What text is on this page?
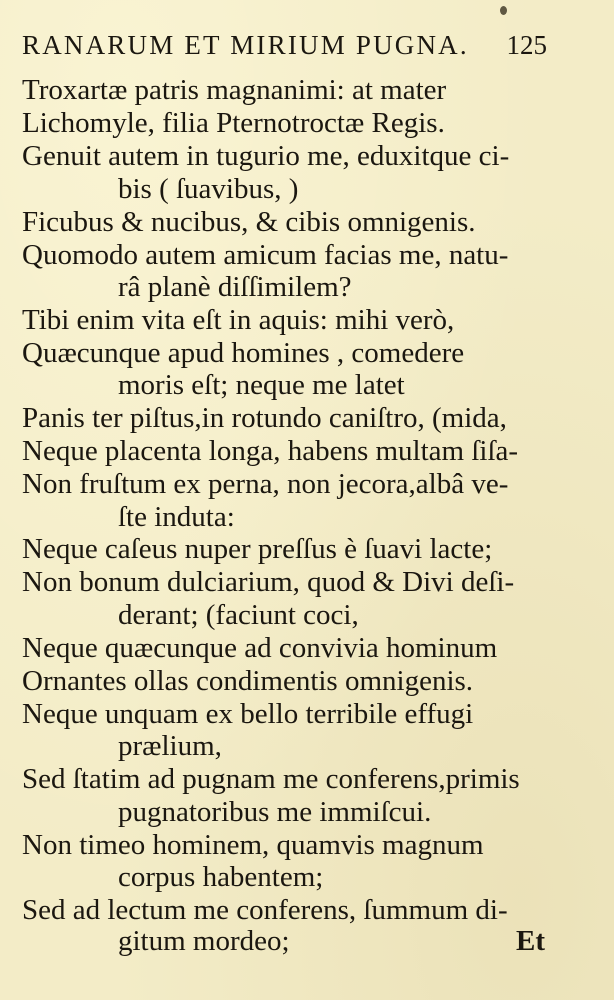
RANARUM ET MIRIUM PUGNA. 125
Troxartæ patris magnanimi: at mater
Lichomyle, filia Pternotroctæ Regis.
Genuit autem in tugurio me, eduxitque ci-
bis ( ſuavibus, )
Ficubus & nucibus, & cibis omnigenis.
Quomodo autem amicum facias me, natu-
râ planè diſſimilem?
Tibi enim vita eſt in aquis: mihi verò,
Quæcunque apud homines , comedere
moris eſt; neque me latet
Panis ter piſtus,in rotundo caniſtro, (mida,
Neque placenta longa, habens multam ſiſa-
Non fruſtum ex perna, non jecora,albâ ve-
ſte induta:
Neque caſeus nuper preſſus è ſuavi lacte;
Non bonum dulciarium, quod & Divi deſi-
derant; (faciunt coci,
Neque quæcunque ad convivia hominum
Ornantes ollas condimentis omnigenis.
Neque unquam ex bello terribile effugi
prælium,
Sed ſtatim ad pugnam me conferens,primis
pugnatoribus me immiſcui.
Non timeo hominem, quamvis magnum
corpus habentem;
Sed ad lectum me conferens, ſummum di-
gitum mordeo;	Et
